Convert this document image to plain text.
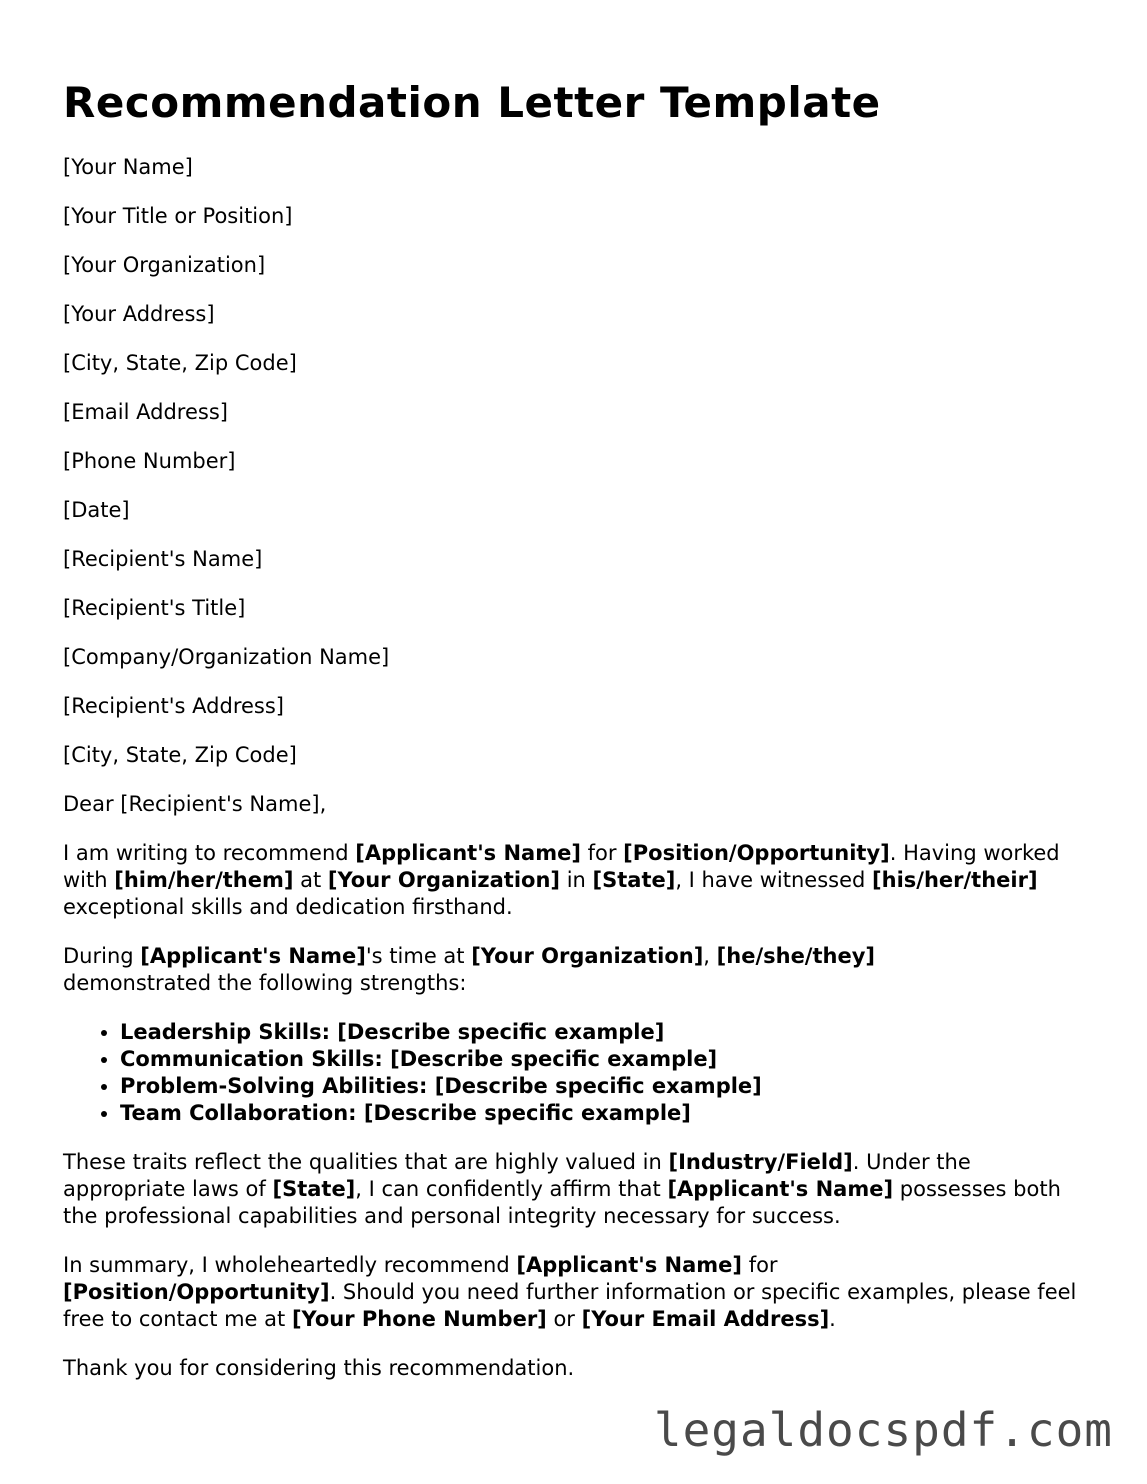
Recommendation Letter Template

[Your Name]

[Your Title or Position]

[Your Organization]

[Your Address]

[City, State, Zip Code]

[Email Address]

[Phone Number]

[Date]

[Recipient's Name]

[Recipient's Title]

[Company/Organization Name]

[Recipient's Address]

[City, State, Zip Code]

Dear [Recipient's Name],

I am writing to recommend [Applicant's Name] for [Position/Opportunity]. Having worked with [him/her/them] at [Your Organization] in [State], I have witnessed [his/her/their] exceptional skills and dedication firsthand.

During [Applicant's Name]'s time at [Your Organization], [he/she/they]
demonstrated the following strengths:

• Leadership Skills: [Describe specific example]
• Communication Skills: [Describe specific example]
• Problem-Solving Abilities: [Describe specific example]
• Team Collaboration: [Describe specific example]

These traits reflect the qualities that are highly valued in [Industry/Field]. Under the appropriate laws of [State], I can confidently affirm that [Applicant's Name] possesses both the professional capabilities and personal integrity necessary for success.

In summary, I wholeheartedly recommend [Applicant's Name] for
[Position/Opportunity]. Should you need further information or specific examples, please feel free to contact me at [Your Phone Number] or [Your Email Address].

Thank you for considering this recommendation.

legaldocspdf.com
